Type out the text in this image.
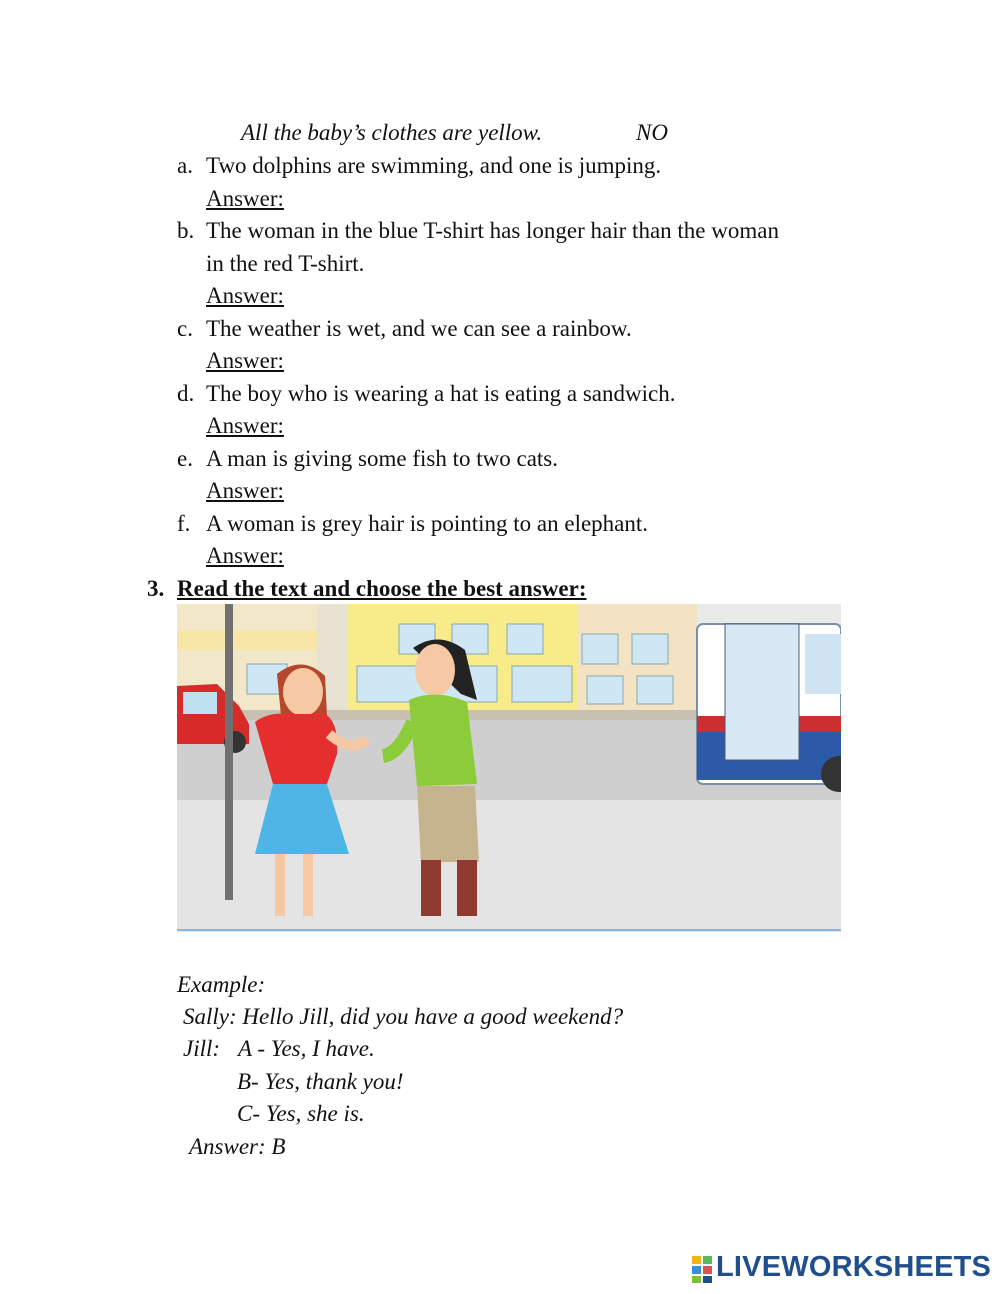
All the baby’s clothes are yellow.	NO
a. Two dolphins are swimming, and one is jumping.
Answer:
b. The woman in the blue T-shirt has longer hair than the woman
in the red T-shirt.
Answer:
c. The weather is wet, and we can see a rainbow.
Answer:
d. The boy who is wearing a hat is eating a sandwich.
Answer:
e. A man is giving some fish to two cats.
Answer:
f. A woman is grey hair is pointing to an elephant.
Answer:
3. Read the text and choose the best answer:
Example:
Sally: Hello Jill, did you have a good weekend?
Jill: A - Yes, I have.
B- Yes, thank you!
C- Yes, she is.
Answer: B
LIVEWORKSHEETS
